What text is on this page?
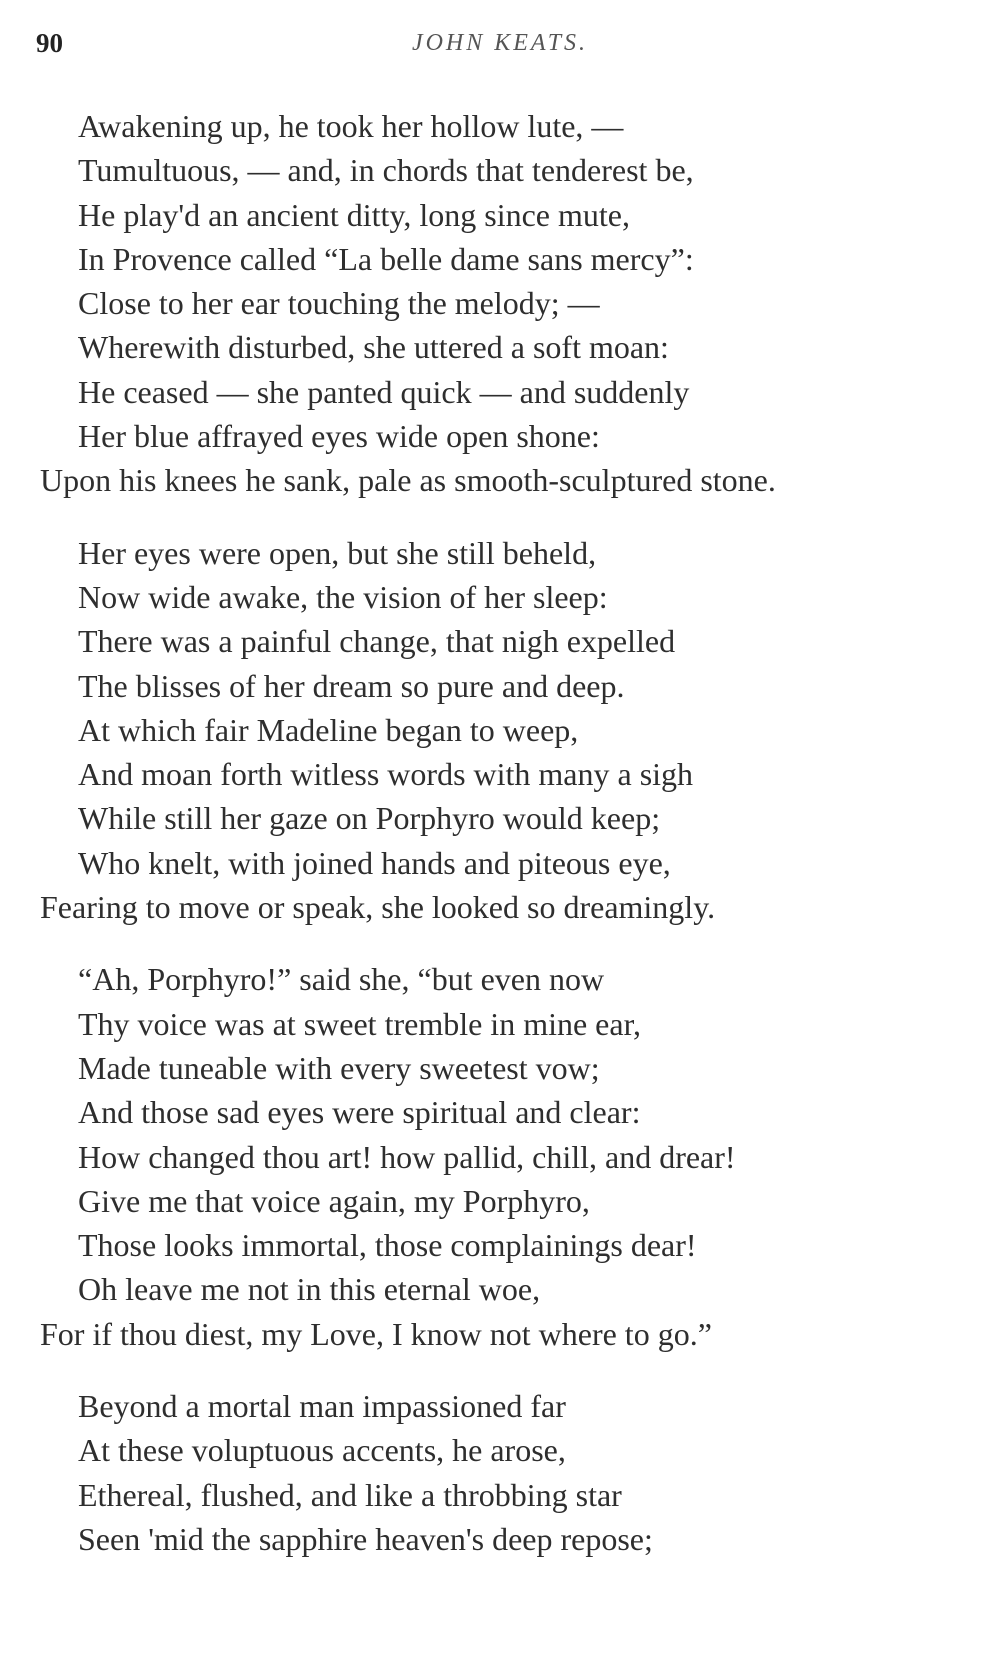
90	JOHN KEATS.
Awakening up, he took her hollow lute, —
Tumultuous, — and, in chords that tenderest be,
He play'd an ancient ditty, long since mute,
In Provence called “La belle dame sans mercy”:
Close to her ear touching the melody; —
Wherewith disturbed, she uttered a soft moan:
He ceased — she panted quick — and suddenly
Her blue affrayed eyes wide open shone:
Upon his knees he sank, pale as smooth-sculptured stone.
Her eyes were open, but she still beheld,
Now wide awake, the vision of her sleep:
There was a painful change, that nigh expelled
The blisses of her dream so pure and deep.
At which fair Madeline began to weep,
And moan forth witless words with many a sigh
While still her gaze on Porphyro would keep;
Who knelt, with joined hands and piteous eye,
Fearing to move or speak, she looked so dreamingly.
“Ah, Porphyro!” said she, “but even now
Thy voice was at sweet tremble in mine ear,
Made tuneable with every sweetest vow;
And those sad eyes were spiritual and clear:
How changed thou art! how pallid, chill, and drear!
Give me that voice again, my Porphyro,
Those looks immortal, those complainings dear!
Oh leave me not in this eternal woe,
For if thou diest, my Love, I know not where to go.”
Beyond a mortal man impassioned far
At these voluptuous accents, he arose,
Ethereal, flushed, and like a throbbing star
Seen 'mid the sapphire heaven's deep repose;
